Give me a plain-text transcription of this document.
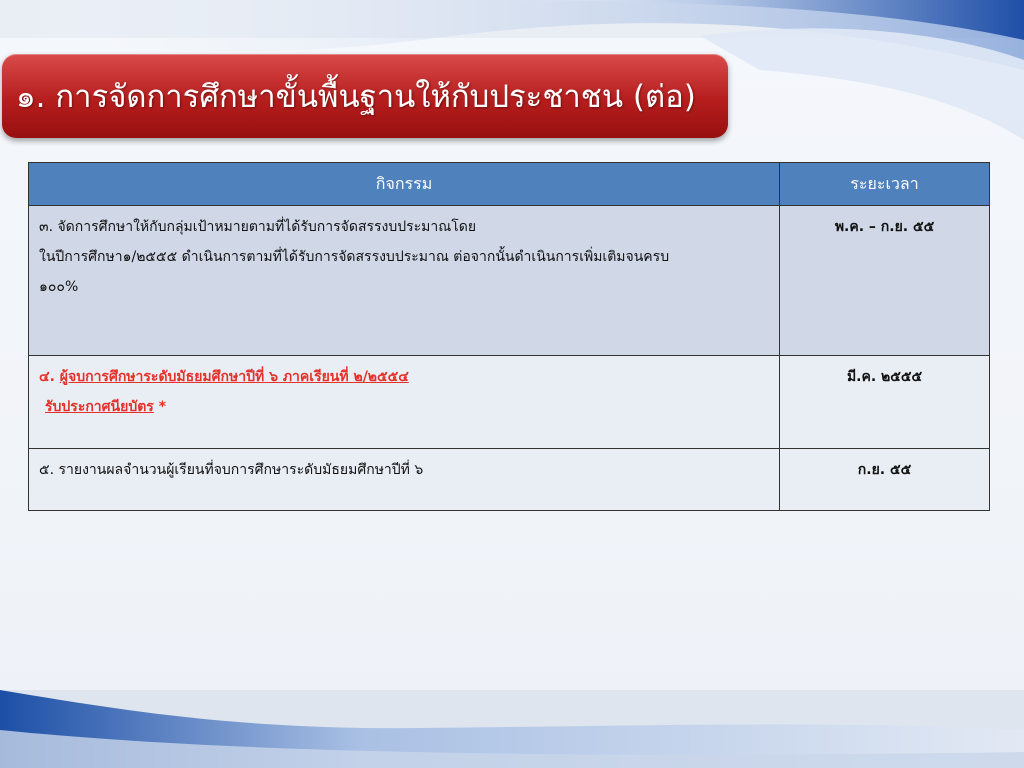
๑. การจัดการศึกษาขั้นพื้นฐานให้กับประชาชน (ต่อ)
กิจกรรม	ระยะเวลา

๓. จัดการศึกษาให้กับกลุ่มเป้าหมายตามที่ได้รับการจัดสรรงบประมาณโดย
ในปีการศึกษา๑/๒๕๕๕ ดำเนินการตามที่ได้รับการจัดสรรงบประมาณ ต่อจากนั้นดำเนินการเพิ่มเติมจนครบ
๑๐๐%	พ.ค. – ก.ย. ๕๕

๔. ผู้จบการศึกษาระดับมัธยมศึกษาปีที่ ๖ ภาคเรียนที่ ๒/๒๕๕๔
รับประกาศนียบัตร *	มี.ค. ๒๕๕๕

๕. รายงานผลจำนวนผู้เรียนที่จบการศึกษาระดับมัธยมศึกษาปีที่ ๖	ก.ย. ๕๕
